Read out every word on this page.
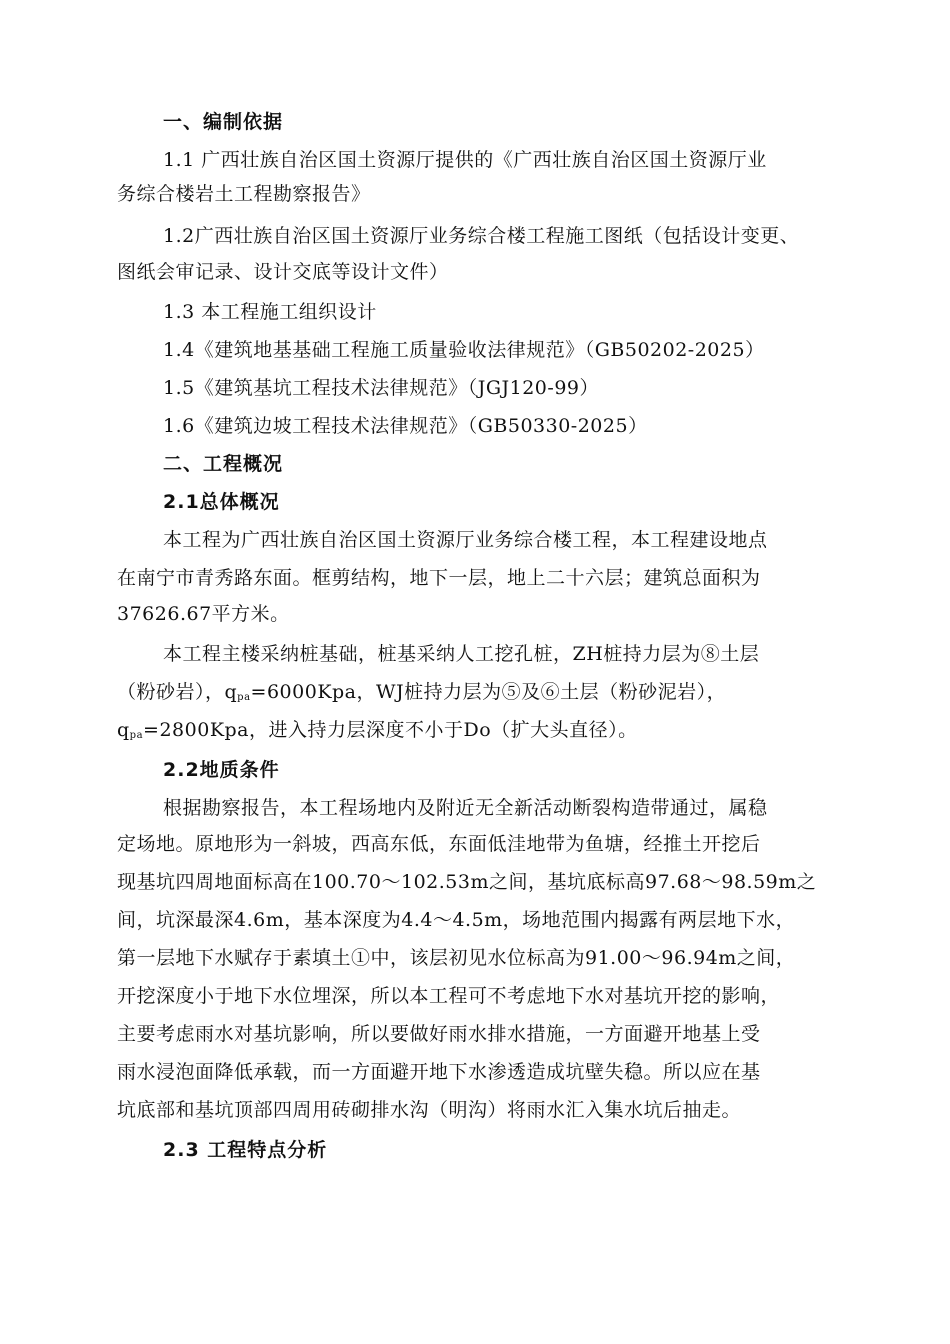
一、编制依据
1.1 广西壮族自治区国土资源厅提供的《广西壮族自治区国土资源厅业
务综合楼岩土工程勘察报告》
1.2广西壮族自治区国土资源厅业务综合楼工程施工图纸（包括设计变更、
图纸会审记录、设计交底等设计文件）
1.3 本工程施工组织设计
1.4《建筑地基基础工程施工质量验收法律规范》（GB50202-2025）
1.5《建筑基坑工程技术法律规范》（JGJ120-99）
1.6《建筑边坡工程技术法律规范》（GB50330-2025）
二、工程概况
2.1总体概况
本工程为广西壮族自治区国土资源厅业务综合楼工程，本工程建设地点
在南宁市青秀路东面。框剪结构，地下一层，地上二十六层；建筑总面积为
37626.67平方米。
本工程主楼采纳桩基础，桩基采纳人工挖孔桩，ZH桩持力层为⑧土层
（粉砂岩），$q_{pa}=6000Kpa$，WJ桩持力层为⑤及⑥土层（粉砂泥岩），
$q_{pa}=2800Kpa$，进入持力层深度不小于Do（扩大头直径）。
2.2地质条件
根据勘察报告，本工程场地内及附近无全新活动断裂构造带通过，属稳
定场地。原地形为一斜坡，西高东低，东面低洼地带为鱼塘，经推土开挖后
现基坑四周地面标高在100.70～102.53m之间，基坑底标高97.68～98.59m之
间，坑深最深4.6m，基本深度为4.4～4.5m，场地范围内揭露有两层地下水，
第一层地下水赋存于素填土①中，该层初见水位标高为91.00～96.94m之间，
开挖深度小于地下水位埋深，所以本工程可不考虑地下水对基坑开挖的影响，
主要考虑雨水对基坑影响，所以要做好雨水排水措施，一方面避开地基上受
雨水浸泡面降低承载，而一方面避开地下水渗透造成坑壁失稳。所以应在基
坑底部和基坑顶部四周用砖砌排水沟（明沟）将雨水汇入集水坑后抽走。
2.3 工程特点分析
